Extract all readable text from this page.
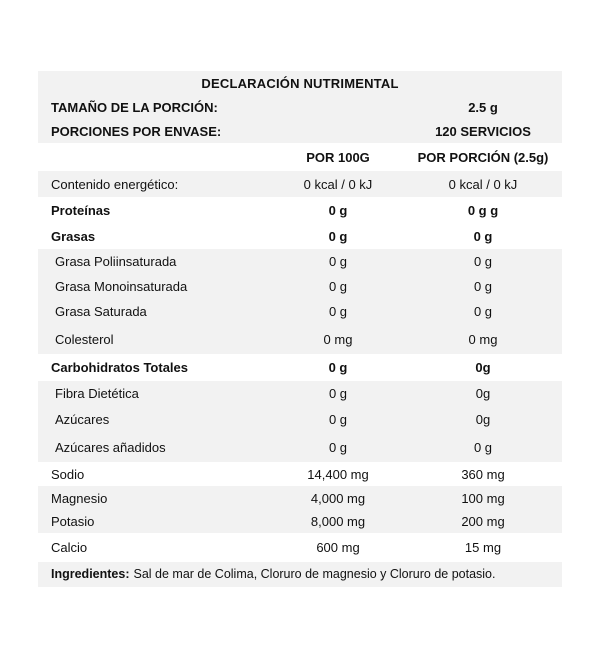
DECLARACIÓN NUTRIMENTAL
TAMAÑO DE LA PORCIÓN:	2.5 g
PORCIONES POR ENVASE:	120 SERVICIOS
POR 100G	POR PORCIÓN (2.5g)
Contenido energético:	0 kcal / 0 kJ	0 kcal / 0 kJ
Proteínas	0 g	0 g g
Grasas	0 g	0 g
Grasa Poliinsaturada	0 g	0 g
Grasa Monoinsaturada	0 g	0 g
Grasa Saturada	0 g	0 g
Colesterol	0 mg	0 mg
Carbohidratos Totales	0 g	0g
Fibra Dietética	0 g	0g
Azúcares	0 g	0g
Azúcares añadidos	0 g	0 g
Sodio	14,400 mg	360 mg
Magnesio	4,000 mg	100 mg
Potasio	8,000 mg	200 mg
Calcio	600 mg	15 mg
Ingredientes: Sal de mar de Colima, Cloruro de magnesio y Cloruro de potasio.
